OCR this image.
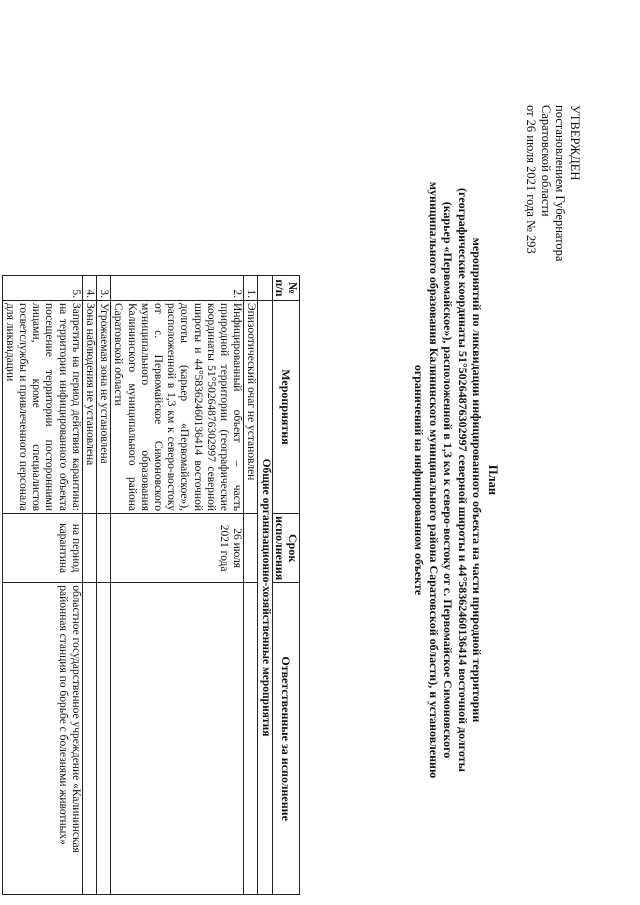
УТВЕРЖДЕН
постановлением Губернатора
Саратовской области
от 26 июля 2021 года № 293
План
мероприятий по ликвидации инфицированного объекта на части природной территории
(географические координаты 51°50264876302997 северной широты и 44°58362460136414 восточной долготы
(карьер «Первомайское»), расположенной в 1,3 км к северо-востоку от с. Первомайское Симоновского
муниципального образования Калининского муниципального района Саратовской области), и установлению
ограничений на инфицированном объекте
№ п/п	Мероприятия	Срок исполнения	Ответственные за исполнение
	Общие организационно-хозяйственные мероприятия		
1.	Эпизоотический очаг не установлен		
2.	Инфицированный объект – часть природной территории (географические координаты 51°50264876302997 северной широты и 44°58362460136414 восточной долготы (карьер «Первомайское»), расположенной в 1,3 км к северо-востоку от с. Первомайское Симоновского муниципального образования Калининского муниципального района Саратовской области	26 июля 2021 года	
3.	Угрожаемая зона не установлена		
4.	Зона наблюдения не установлена		
5.	Запретить на период действия карантина: на территории инфицированного объекта посещение территории посторонними лицами, кроме специалистов госветслужбы и привлеченного персонала для ликвидации	на период карантина	областное государственное учреждение «Калининская районная станция по борьбе с болезнями животных»
